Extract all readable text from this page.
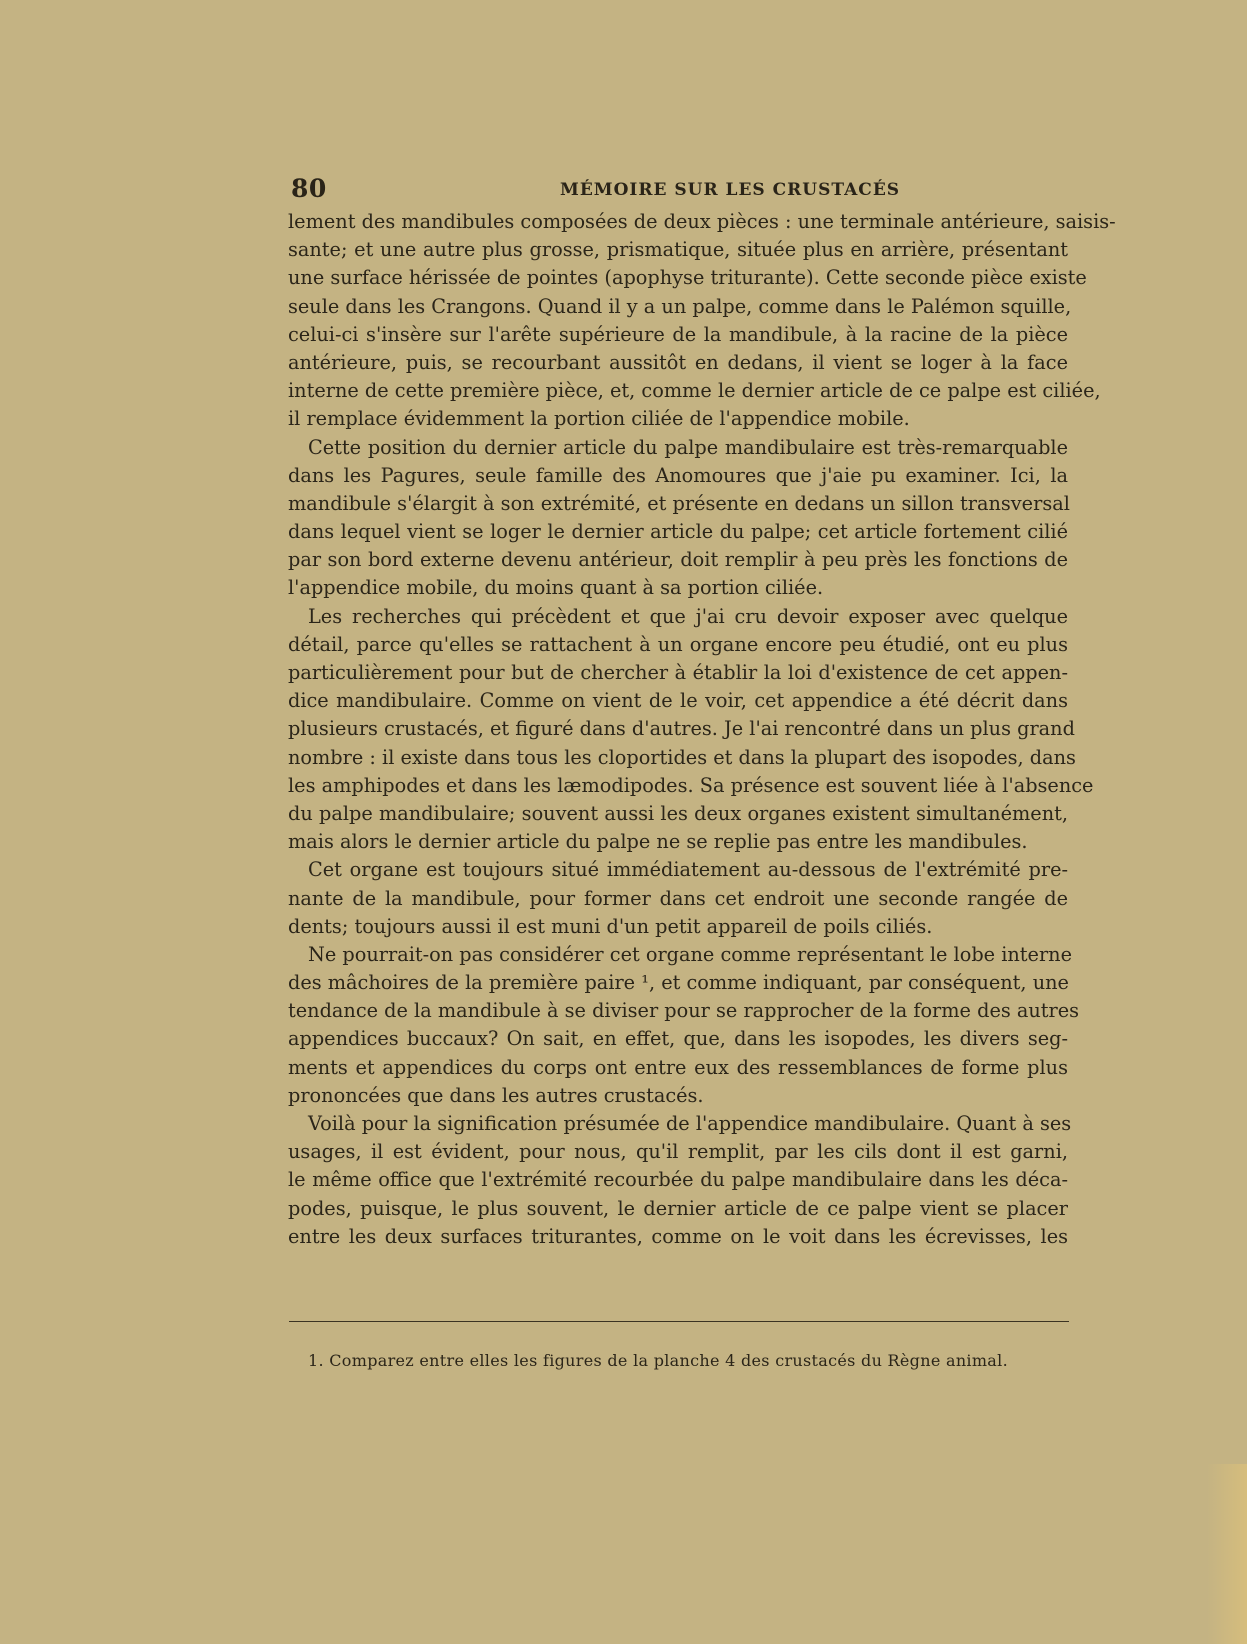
80	MÉMOIRE SUR LES CRUSTACÉS
lement des mandibules composées de deux pièces : une terminale antérieure, saisis-
sante; et une autre plus grosse, prismatique, située plus en arrière, présentant
une surface hérissée de pointes (apophyse triturante). Cette seconde pièce existe
seule dans les Crangons. Quand il y a un palpe, comme dans le Palémon squille,
celui-ci s'insère sur l'arête supérieure de la mandibule, à la racine de la pièce
antérieure, puis, se recourbant aussitôt en dedans, il vient se loger à la face
interne de cette première pièce, et, comme le dernier article de ce palpe est ciliée,
il remplace évidemment la portion ciliée de l'appendice mobile.
Cette position du dernier article du palpe mandibulaire est très-remarquable
dans les Pagures, seule famille des Anomoures que j'aie pu examiner. Ici, la
mandibule s'élargit à son extrémité, et présente en dedans un sillon transversal
dans lequel vient se loger le dernier article du palpe; cet article fortement cilié
par son bord externe devenu antérieur, doit remplir à peu près les fonctions de
l'appendice mobile, du moins quant à sa portion ciliée.
Les recherches qui précèdent et que j'ai cru devoir exposer avec quelque
détail, parce qu'elles se rattachent à un organe encore peu étudié, ont eu plus
particulièrement pour but de chercher à établir la loi d'existence de cet appen-
dice mandibulaire. Comme on vient de le voir, cet appendice a été décrit dans
plusieurs crustacés, et figuré dans d'autres. Je l'ai rencontré dans un plus grand
nombre : il existe dans tous les cloportides et dans la plupart des isopodes, dans
les amphipodes et dans les læmodipodes. Sa présence est souvent liée à l'absence
du palpe mandibulaire; souvent aussi les deux organes existent simultanément,
mais alors le dernier article du palpe ne se replie pas entre les mandibules.
Cet organe est toujours situé immédiatement au-dessous de l'extrémité pre-
nante de la mandibule, pour former dans cet endroit une seconde rangée de
dents; toujours aussi il est muni d'un petit appareil de poils ciliés.
Ne pourrait-on pas considérer cet organe comme représentant le lobe interne
des mâchoires de la première paire ¹, et comme indiquant, par conséquent, une
tendance de la mandibule à se diviser pour se rapprocher de la forme des autres
appendices buccaux? On sait, en effet, que, dans les isopodes, les divers seg-
ments et appendices du corps ont entre eux des ressemblances de forme plus
prononcées que dans les autres crustacés.
Voilà pour la signification présumée de l'appendice mandibulaire. Quant à ses
usages, il est évident, pour nous, qu'il remplit, par les cils dont il est garni,
le même office que l'extrémité recourbée du palpe mandibulaire dans les déca-
podes, puisque, le plus souvent, le dernier article de ce palpe vient se placer
entre les deux surfaces triturantes, comme on le voit dans les écrevisses, les
1. Comparez entre elles les figures de la planche 4 des crustacés du Règne animal.
